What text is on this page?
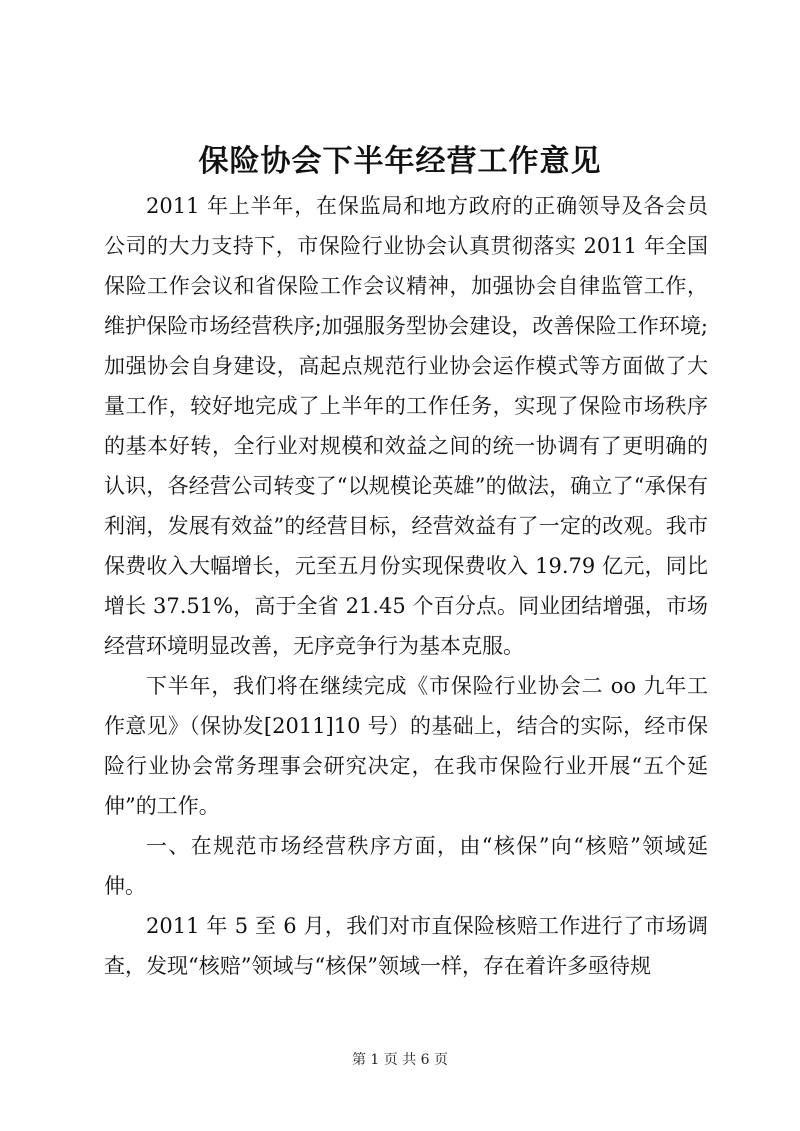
保险协会下半年经营工作意见

2011 年上半年，在保监局和地方政府的正确领导及各会员公司的大力支持下，市保险行业协会认真贯彻落实 2011 年全国保险工作会议和省保险工作会议精神，加强协会自律监管工作，维护保险市场经营秩序;加强服务型协会建设，改善保险工作环境;加强协会自身建设，高起点规范行业协会运作模式等方面做了大量工作，较好地完成了上半年的工作任务，实现了保险市场秩序的基本好转，全行业对规模和效益之间的统一协调有了更明确的认识，各经营公司转变了“以规模论英雄”的做法，确立了“承保有利润，发展有效益”的经营目标，经营效益有了一定的改观。我市保费收入大幅增长，元至五月份实现保费收入 19.79 亿元，同比增长 37.51%，高于全省 21.45 个百分点。同业团结增强，市场经营环境明显改善，无序竞争行为基本克服。

下半年，我们将在继续完成《市保险行业协会二 oo 九年工作意见》（保协发[2011]10 号）的基础上，结合的实际，经市保险行业协会常务理事会研究决定，在我市保险行业开展“五个延伸”的工作。

一、在规范市场经营秩序方面，由“核保”向“核赔”领域延伸。

2011 年 5 至 6 月，我们对市直保险核赔工作进行了市场调查，发现“核赔”领域与“核保”领域一样，存在着许多亟待规

第 1 页 共 6 页
